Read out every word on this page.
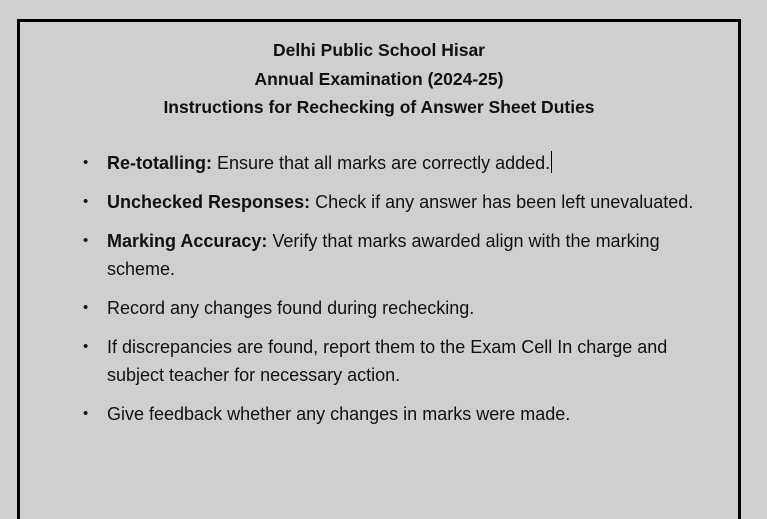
Delhi Public School Hisar
Annual Examination (2024-25)
Instructions for Rechecking of Answer Sheet Duties
• Re-totalling: Ensure that all marks are correctly added.
• Unchecked Responses: Check if any answer has been left unevaluated.
• Marking Accuracy: Verify that marks awarded align with the marking scheme.
• Record any changes found during rechecking.
• If discrepancies are found, report them to the Exam Cell In charge and subject teacher for necessary action.
• Give feedback whether any changes in marks were made.
